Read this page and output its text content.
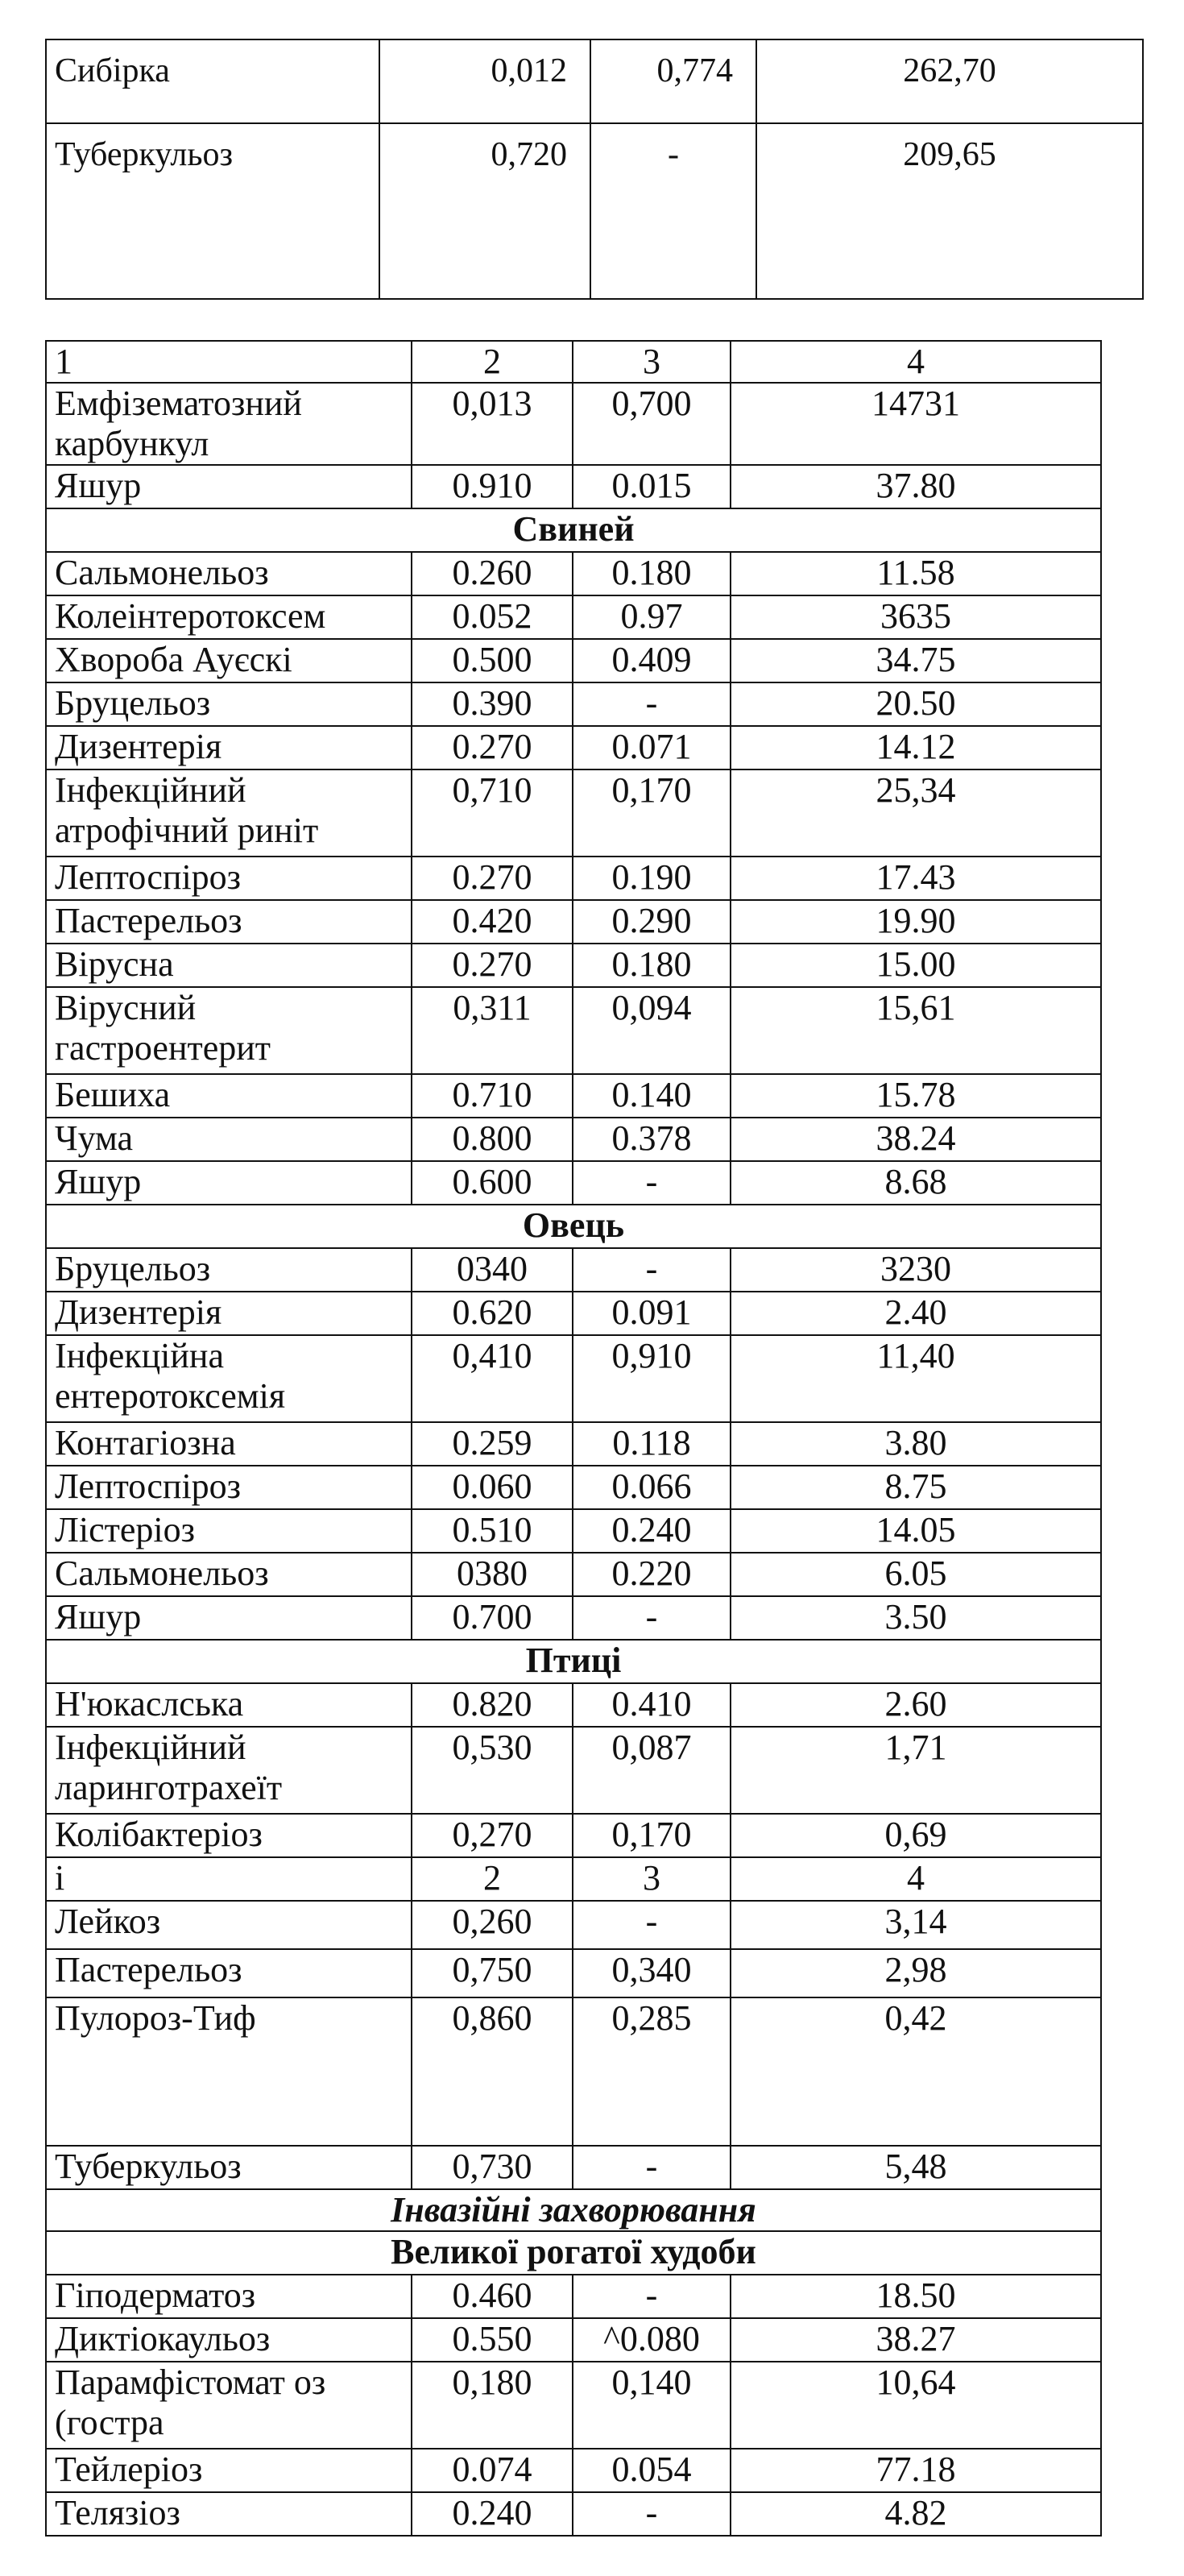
Сибірка	0,012	0,774	262,70
Туберкульоз	0,720	-	209,65
1	2	3	4
Емфізематозний карбункул	0,013	0,700	14731
Яшур	0.910	0.015	37.80
Свиней			
Сальмонельоз	0.260	0.180	11.58
Колеінтеротоксем	0.052	0.97	3635
Хвороба Ауєскі	0.500	0.409	34.75
Бруцельоз	0.390	-	20.50
Дизентерія	0.270	0.071	14.12
Інфекційний атрофічний риніт	0,710	0,170	25,34
Лептоспіроз	0.270	0.190	17.43
Пастерельоз	0.420	0.290	19.90
Вірусна	0.270	0.180	15.00
Вірусний гастроентерит	0,311	0,094	15,61
Бешиха	0.710	0.140	15.78
Чума	0.800	0.378	38.24
Яшур	0.600	-	8.68
Овець			
Бруцельоз	0340	-	3230
Дизентерія	0.620	0.091	2.40
Інфекційна ентеротоксемія	0,410	0,910	11,40
Контагіозна	0.259	0.118	3.80
Лептоспіроз	0.060	0.066	8.75
Лістеріоз	0.510	0.240	14.05
Сальмонельоз	0380	0.220	6.05
Яшур	0.700	-	3.50
Птиці			
Н'юкаслська	0.820	0.410	2.60
Інфекційний ларинготрахеїт	0,530	0,087	1,71
Колібактеріоз	0,270	0,170	0,69
і	2	3	4
Лейкоз	0,260	-	3,14
Пастерельоз	0,750	0,340	2,98
Пулороз-Тиф	0,860	0,285	0,42
Туберкульоз	0,730	-	5,48
Інвазійні захворювання			
Великої рогатої худоби			
Гіподерматоз	0.460	-	18.50
Диктіокаульоз	0.550	^0.080	38.27
Парамфістомат оз (гостра	0,180	0,140	10,64
Тейлеріоз	0.074	0.054	77.18
Телязіоз	0.240	-	4.82
